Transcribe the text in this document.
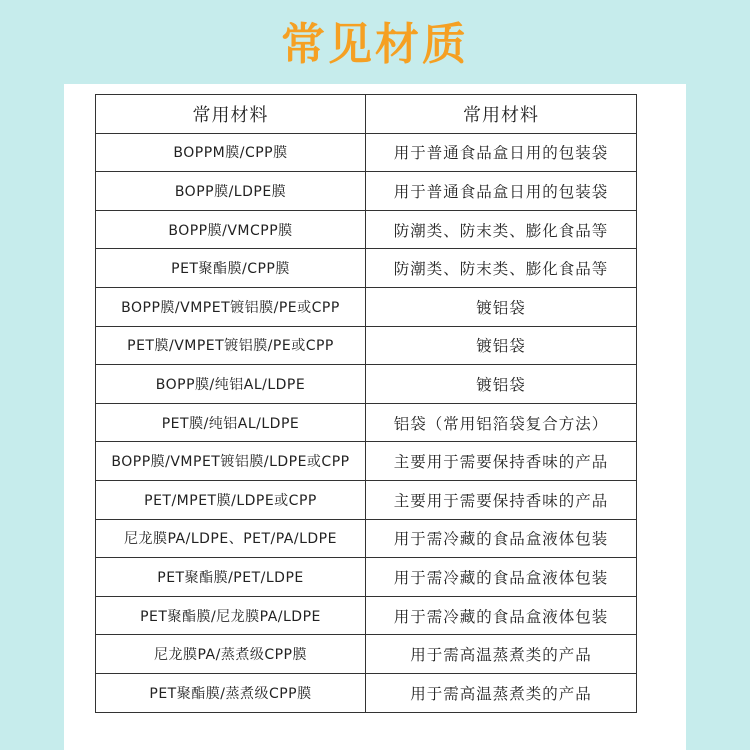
常见材质
常用材料	常用材料
BOPPM膜/CPP膜	用于普通食品盒日用的包装袋
BOPP膜/LDPE膜	用于普通食品盒日用的包装袋
BOPP膜/VMCPP膜	防潮类、防末类、膨化食品等
PET聚酯膜/CPP膜	防潮类、防末类、膨化食品等
BOPP膜/VMPET镀铝膜/PE或CPP	镀铝袋
PET膜/VMPET镀铝膜/PE或CPP	镀铝袋
BOPP膜/纯铝AL/LDPE	镀铝袋
PET膜/纯铝AL/LDPE	铝袋（常用铝箔袋复合方法）
BOPP膜/VMPET镀铝膜/LDPE或CPP	主要用于需要保持香味的产品
PET/MPET膜/LDPE或CPP	主要用于需要保持香味的产品
尼龙膜PA/LDPE、PET/PA/LDPE	用于需冷藏的食品盒液体包装
PET聚酯膜/PET/LDPE	用于需冷藏的食品盒液体包装
PET聚酯膜/尼龙膜PA/LDPE	用于需冷藏的食品盒液体包装
尼龙膜PA/蒸煮级CPP膜	用于需高温蒸煮类的产品
PET聚酯膜/蒸煮级CPP膜	用于需高温蒸煮类的产品
